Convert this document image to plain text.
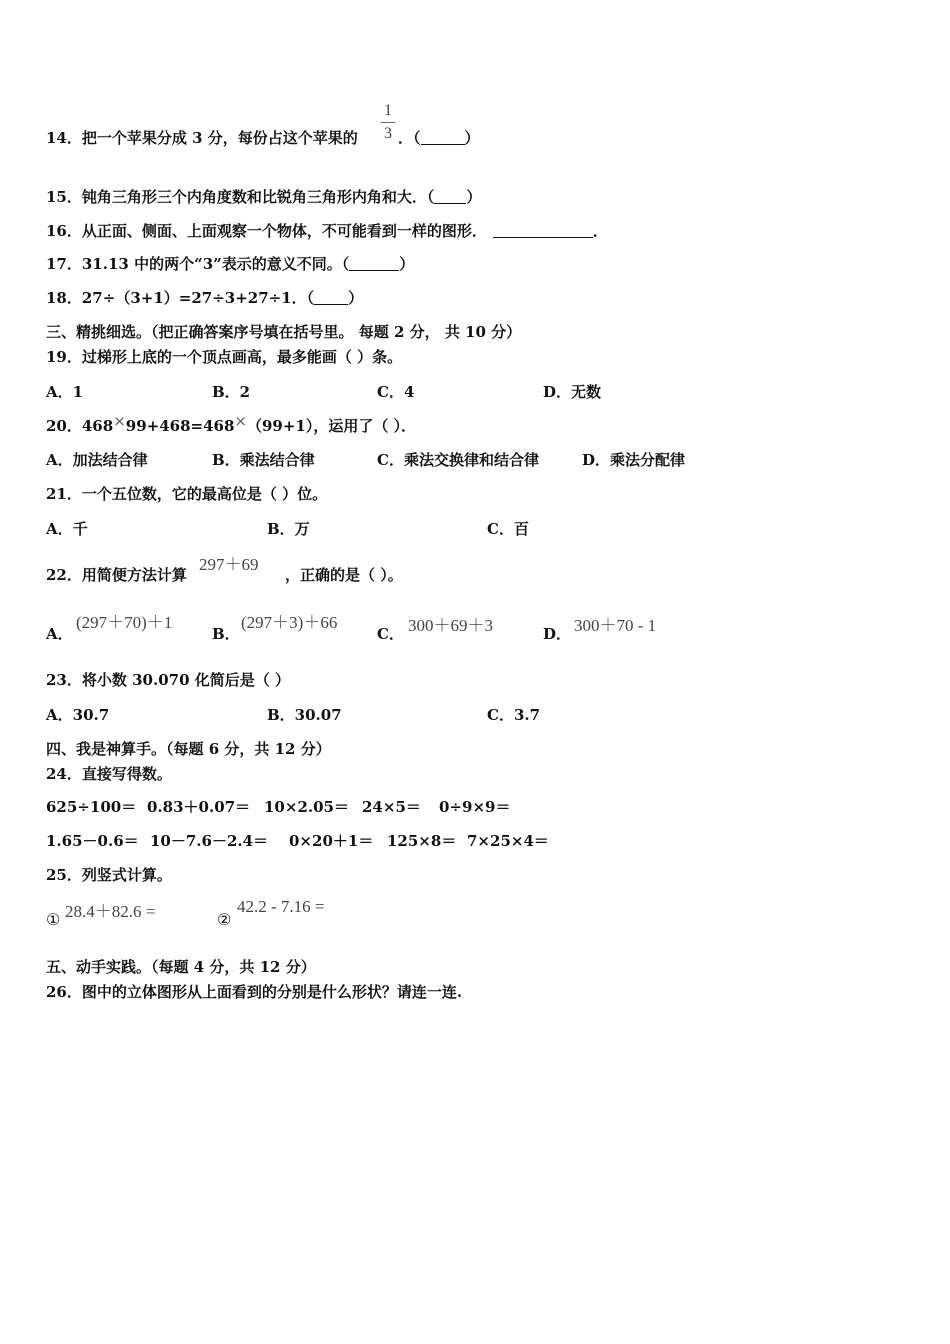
14．把一个苹果分成 3 分，每份占这个苹果的
1
3 ．（	）
15．钝角三角形三个内角度数和比锐角三角形内角和大．（ ）
16．从正面、侧面、上面观察一个物体，不可能看到一样的图形．	．
17．31.13 中的两个“3”表示的意义不同。（	）
18．27÷（3+1）=27÷3+27÷1．（ ）
三、精挑细选。（把正确答案序号填在括号里。 每题 2 分， 共 10 分）
19．过梯形上底的一个顶点画高，最多能画（ ）条。
A．1	B．2	C．4	D．无数
20．468×99+468=468×（99+1），运用了（ ）．
A．加法结合律	B．乘法结合律	C．乘法交换律和结合律	D．乘法分配律
21．一个五位数，它的最高位是（ ）位。
A．千	B．万	C．百
22．用简便方法计算
297＋69
，正确的是（ ）。
A．
(297＋70)＋1
B．
(297＋3)＋66
C． 300＋69＋3	D． 300＋70 - 1
23．将小数 30.070 化简后是（ ）
A．30.7	B．30.07	C．3.7
四、我是神算手。（每题 6 分，共 12 分）
24．直接写得数。
625÷100＝ 0.83＋0.07＝ 10×2.05＝ 24×5＝ 0÷9×9＝
1.65－0.6＝ 10－7.6－2.4＝ 0×20＋1＝ 125×8＝ 7×25×4＝
25．列竖式计算。
① 28.4＋82.6 =	②
42.2 - 7.16 =
五、动手实践。（每题 4 分，共 12 分）
26．图中的立体图形从上面看到的分别是什么形状？请连一连.
